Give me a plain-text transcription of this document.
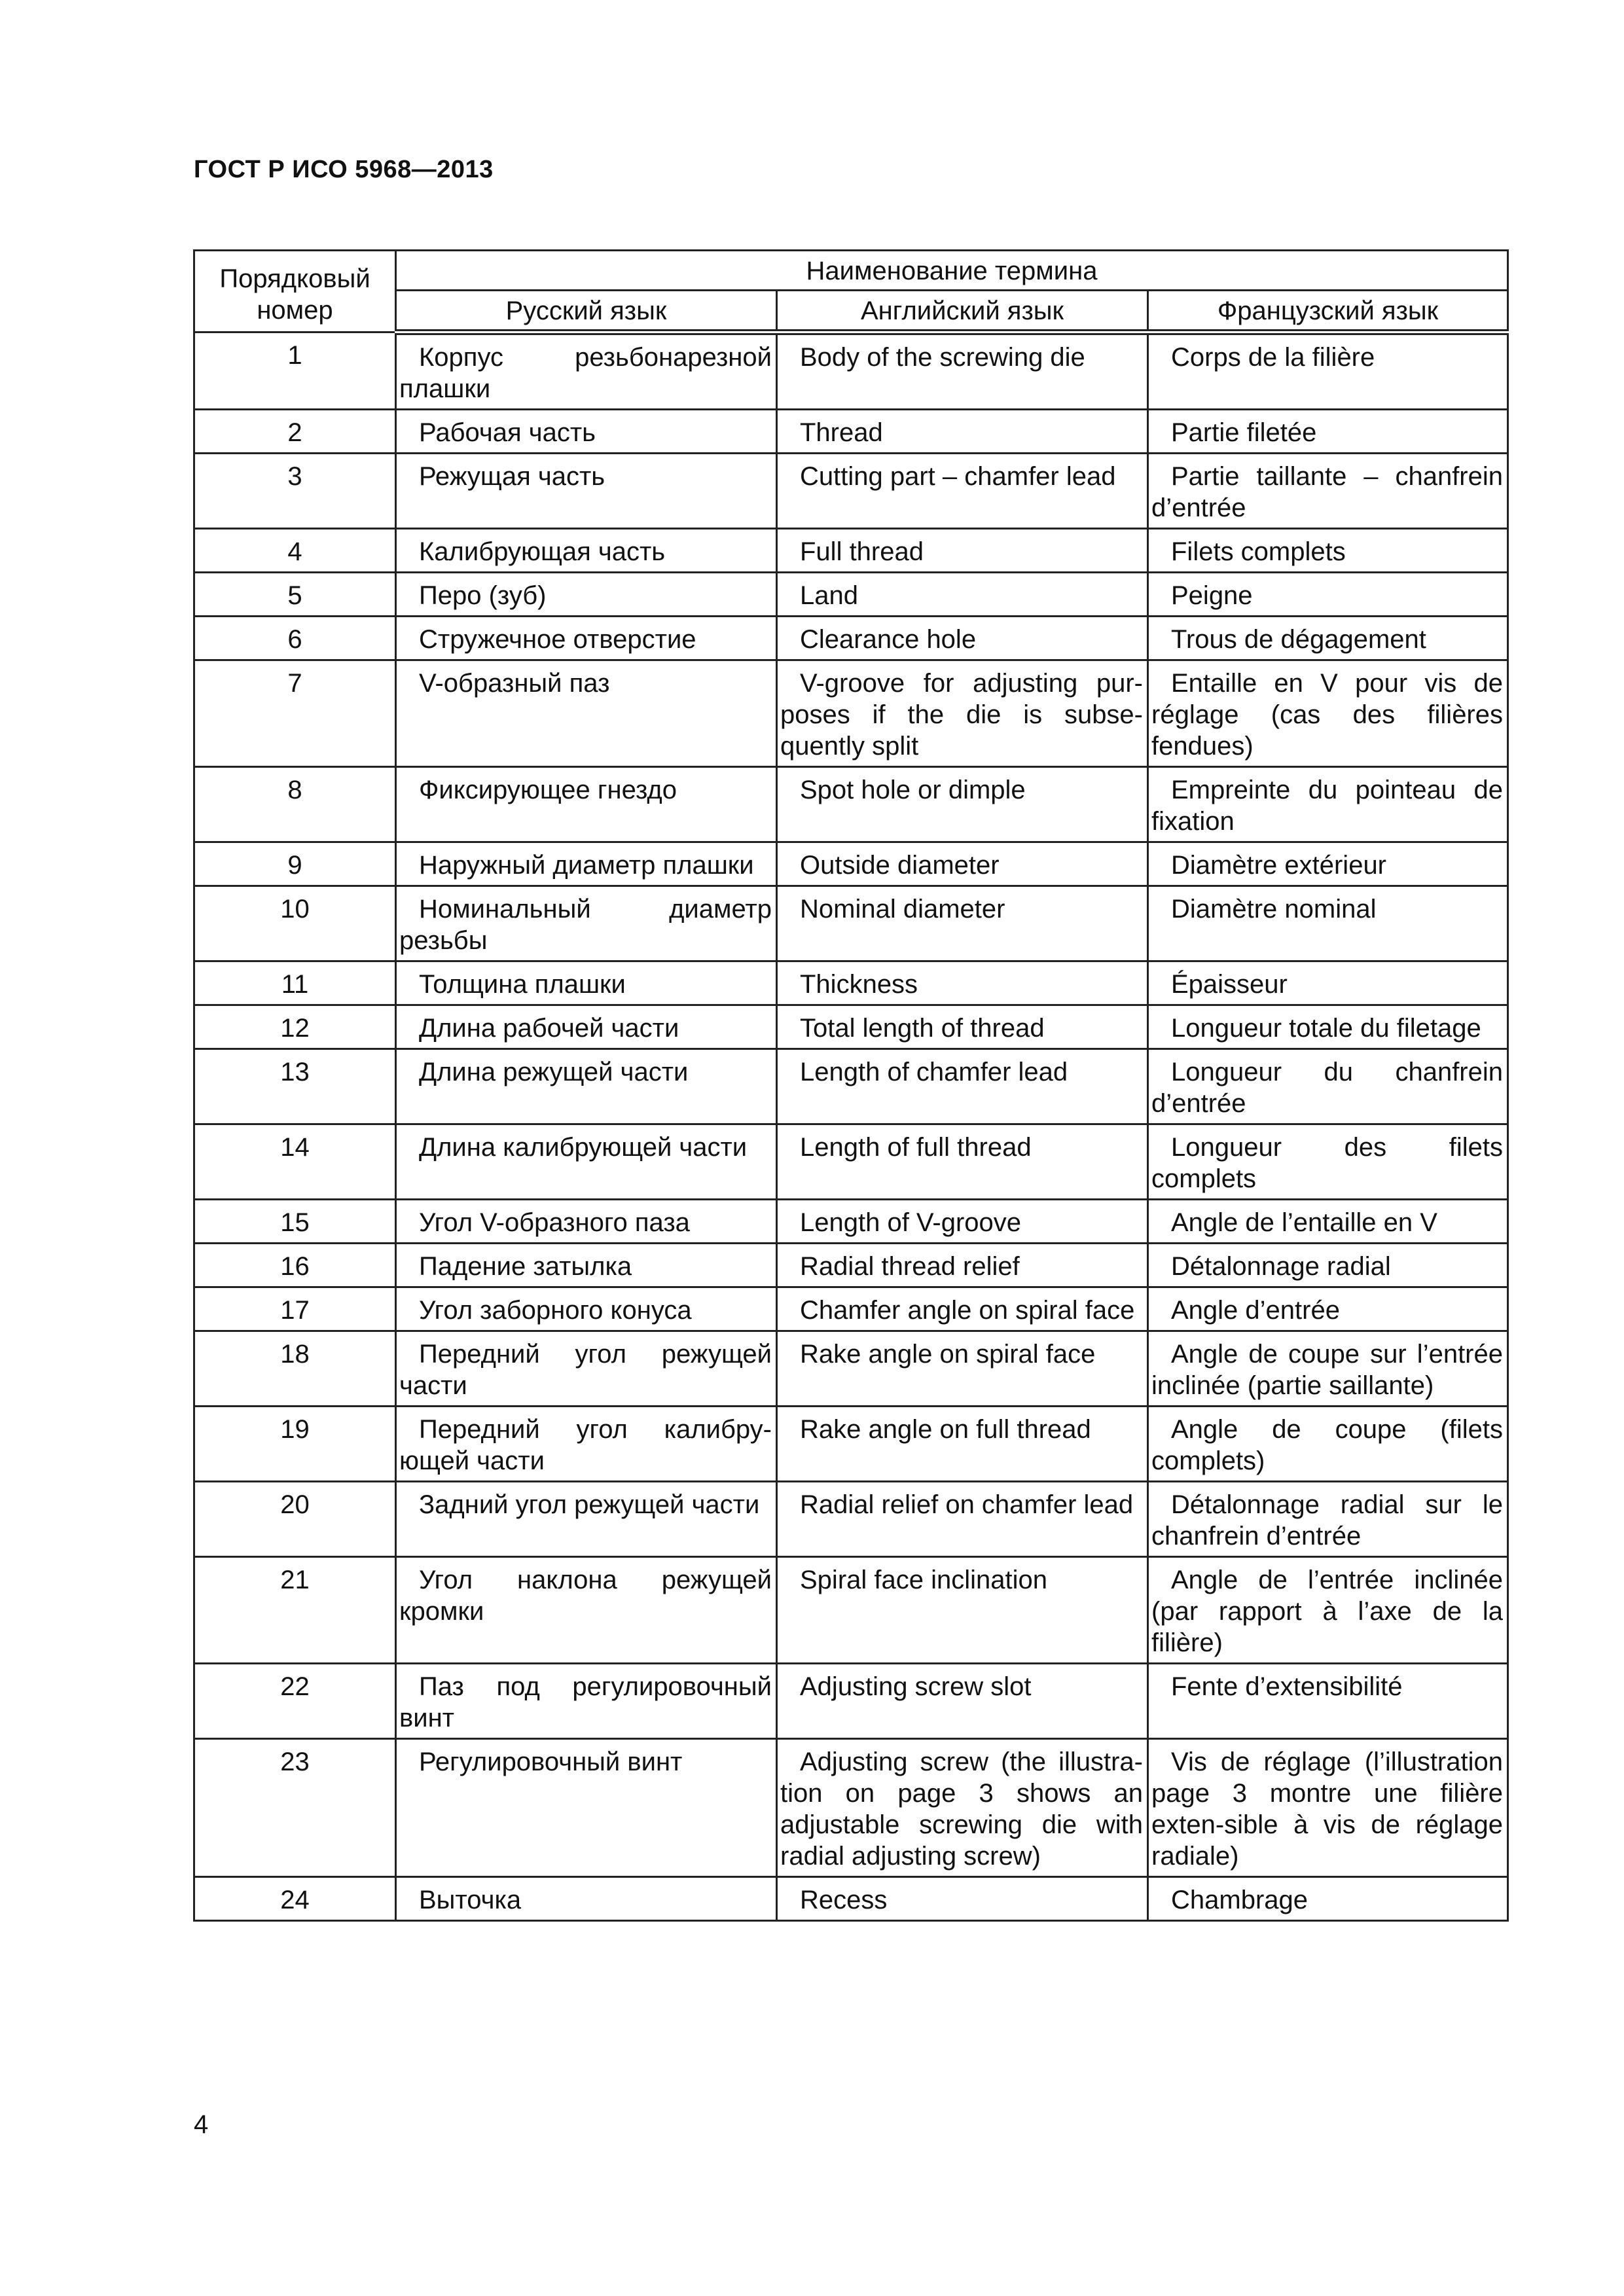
ГОСТ Р ИСО 5968—2013
Порядковый номер	Наименование термина		
	Русский язык	Английский язык	Французский язык
1	Корпус резьбонарезной плашки	Body of the screwing die	Corps de la filière
2	Рабочая часть	Thread	Partie filetée
3	Режущая часть	Cutting part – chamfer lead	Partie taillante – chanfrein d’entrée
4	Калибрующая часть	Full thread	Filets complets
5	Перо (зуб)	Land	Peigne
6	Стружечное отверстие	Clearance hole	Trous de dégagement
7	V-образный паз	V-groove for adjusting pur-poses if the die is subse-quently split	Entaille en V pour vis de réglage (cas des filières fendues)
8	Фиксирующее гнездо	Spot hole or dimple	Empreinte du pointeau de fixation
9	Наружный диаметр плашки	Outside diameter	Diamètre extérieur
10	Номинальный диаметр резьбы	Nominal diameter	Diamètre nominal
11	Толщина плашки	Thickness	Épaisseur
12	Длина рабочей части	Total length of thread	Longueur totale du filetage
13	Длина режущей части	Length of chamfer lead	Longueur du chanfrein d’entrée
14	Длина калибрующей части	Length of full thread	Longueur des filets complets
15	Угол V-образного паза	Length of V-groove	Angle de l’entaille en V
16	Падение затылка	Radial thread relief	Détalonnage radial
17	Угол заборного конуса	Chamfer angle on spiral face	Angle d’entrée
18	Передний угол режущей части	Rake angle on spiral face	Angle de coupe sur l’entrée inclinée (partie saillante)
19	Передний угол калибру-ющей части	Rake angle on full thread	Angle de coupe (filets complets)
20	Задний угол режущей части	Radial relief on chamfer lead	Détalonnage radial sur le chanfrein d’entrée
21	Угол наклона режущей кромки	Spiral face inclination	Angle de l’entrée inclinée (par rapport à l’axe de la filière)
22	Паз под регулировочный винт	Adjusting screw slot	Fente d’extensibilité
23	Регулировочный винт	Adjusting screw (the illustra-tion on page 3 shows an adjustable screwing die with radial adjusting screw)	Vis de réglage (l’illustration page 3 montre une filière exten-sible à vis de réglage radiale)
24	Выточка	Recess	Chambrage
4
